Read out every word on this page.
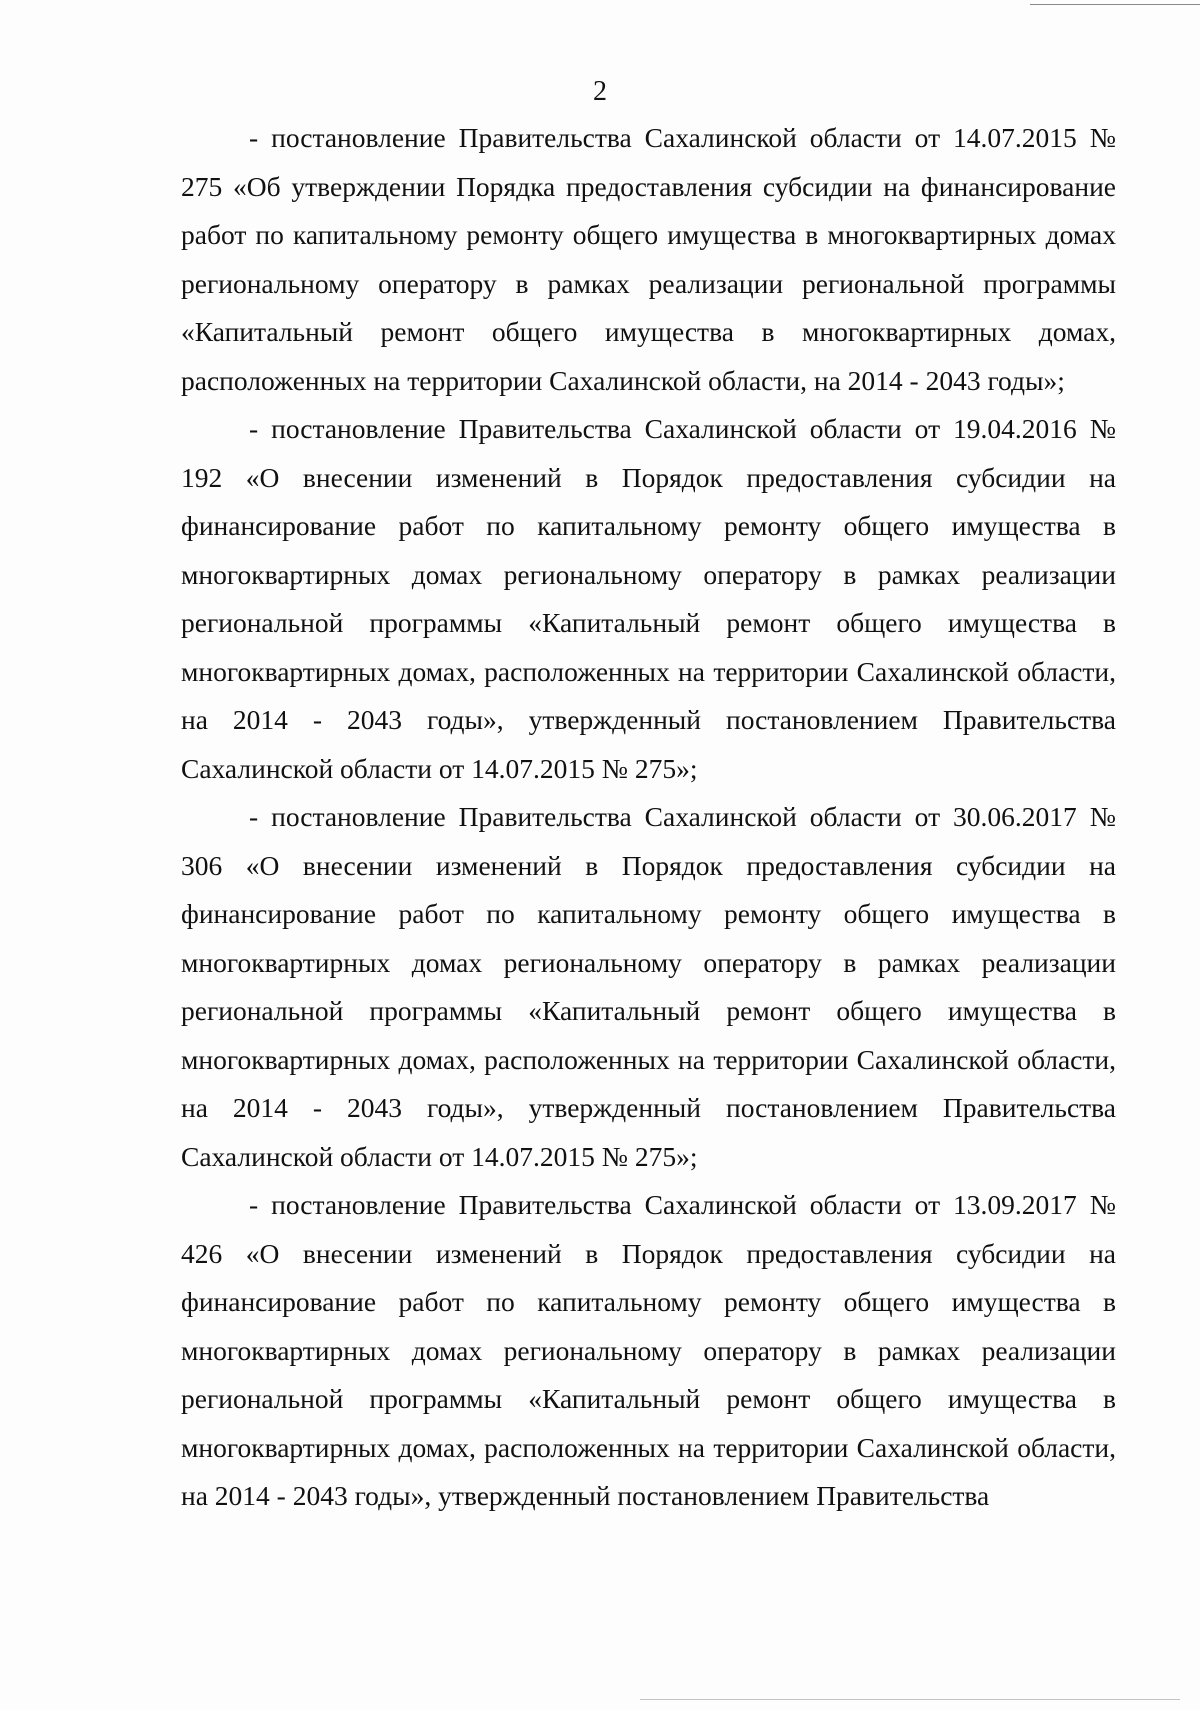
2

- постановление Правительства Сахалинской области от 14.07.2015 № 275 «Об утверждении Порядка предоставления субсидии на финансирование работ по капитальному ремонту общего имущества в многоквартирных домах региональному оператору в рамках реализации региональной программы «Капитальный ремонт общего имущества в многоквартирных домах, расположенных на территории Сахалинской области, на 2014 - 2043 годы»;

- постановление Правительства Сахалинской области от 19.04.2016 № 192 «О внесении изменений в Порядок предоставления субсидии на финансирование работ по капитальному ремонту общего имущества в многоквартирных домах региональному оператору в рамках реализации региональной программы «Капитальный ремонт общего имущества в многоквартирных домах, расположенных на территории Сахалинской области, на 2014 - 2043 годы», утвержденный постановлением Правительства Сахалинской области от 14.07.2015 № 275»;

- постановление Правительства Сахалинской области от 30.06.2017 № 306 «О внесении изменений в Порядок предоставления субсидии на финансирование работ по капитальному ремонту общего имущества в многоквартирных домах региональному оператору в рамках реализации региональной программы «Капитальный ремонт общего имущества в многоквартирных домах, расположенных на территории Сахалинской области, на 2014 - 2043 годы», утвержденный постановлением Правительства Сахалинской области от 14.07.2015 № 275»;

- постановление Правительства Сахалинской области от 13.09.2017 № 426 «О внесении изменений в Порядок предоставления субсидии на финансирование работ по капитальному ремонту общего имущества в многоквартирных домах региональному оператору в рамках реализации региональной программы «Капитальный ремонт общего имущества в многоквартирных домах, расположенных на территории Сахалинской области, на 2014 - 2043 годы», утвержденный постановлением Правительства
